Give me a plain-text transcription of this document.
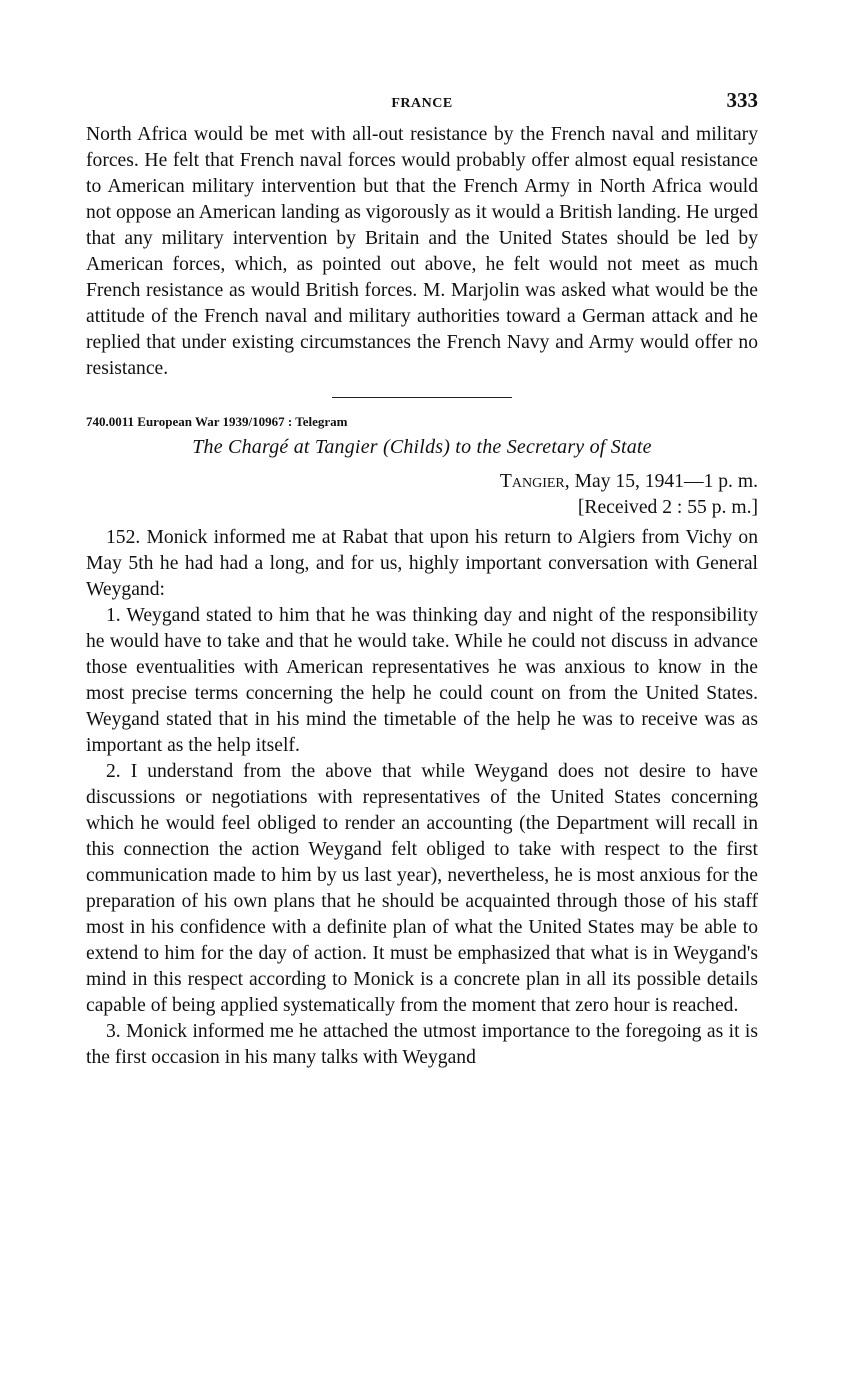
FRANCE	333

North Africa would be met with all-out resistance by the French naval and military forces. He felt that French naval forces would probably offer almost equal resistance to American military intervention but that the French Army in North Africa would not oppose an American landing as vigorously as it would a British landing. He urged that any military intervention by Britain and the United States should be led by American forces, which, as pointed out above, he felt would not meet as much French resistance as would British forces. M. Marjolin was asked what would be the attitude of the French naval and military authorities toward a German attack and he replied that under existing circumstances the French Navy and Army would offer no resistance.

740.0011 European War 1939/10967 : Telegram
The Chargé at Tangier (Childs) to the Secretary of State
Tangier, May 15, 1941—1 p. m.
[Received 2 : 55 p. m.]

152. Monick informed me at Rabat that upon his return to Algiers from Vichy on May 5th he had had a long, and for us, highly important conversation with General Weygand:

1. Weygand stated to him that he was thinking day and night of the responsibility he would have to take and that he would take. While he could not discuss in advance those eventualities with American representatives he was anxious to know in the most precise terms concerning the help he could count on from the United States. Weygand stated that in his mind the timetable of the help he was to receive was as important as the help itself.

2. I understand from the above that while Weygand does not desire to have discussions or negotiations with representatives of the United States concerning which he would feel obliged to render an accounting (the Department will recall in this connection the action Weygand felt obliged to take with respect to the first communication made to him by us last year), nevertheless, he is most anxious for the preparation of his own plans that he should be acquainted through those of his staff most in his confidence with a definite plan of what the United States may be able to extend to him for the day of action. It must be emphasized that what is in Weygand's mind in this respect according to Monick is a concrete plan in all its possible details capable of being applied systematically from the moment that zero hour is reached.

3. Monick informed me he attached the utmost importance to the foregoing as it is the first occasion in his many talks with Weygand
